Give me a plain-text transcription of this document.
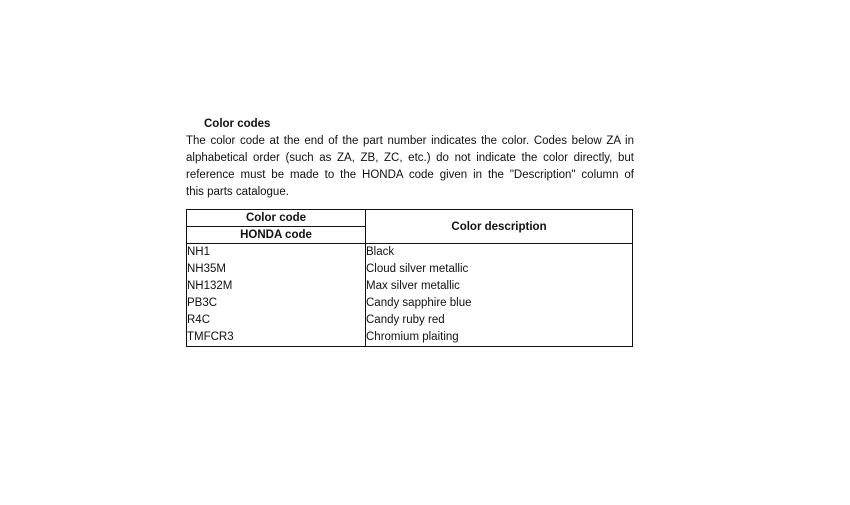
Color codes

The color code at the end of the part number indicates the color. Codes below ZA in
alphabetical order (such as ZA, ZB, ZC, etc.) do not indicate the color directly, but
reference must be made to the HONDA code given in the "Description" column of
this parts catalogue.

Color code	Color description
HONDA code	
NH1	Black
NH35M	Cloud silver metallic
NH132M	Max silver metallic
PB3C	Candy sapphire blue
R4C	Candy ruby red
TMFCR3	Chromium plaiting
